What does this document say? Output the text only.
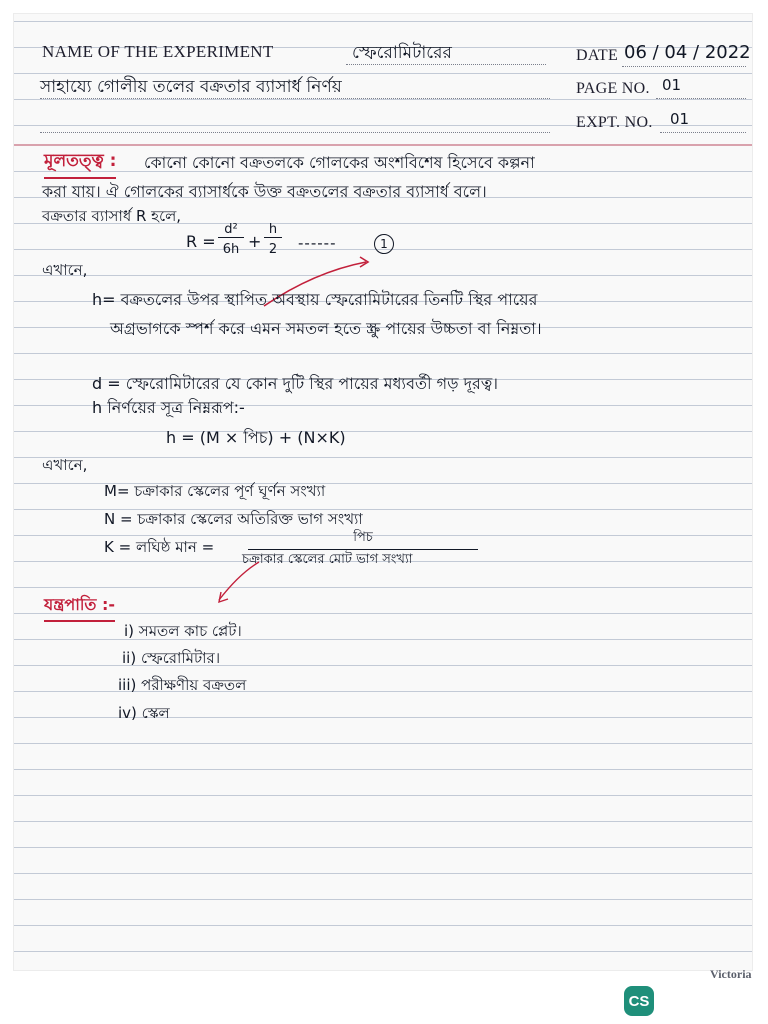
NAME OF THE EXPERIMENT	স্ফেরোমিটারের
সাহায্যে গোলীয় তলের বক্রতার ব্যাসার্ধ নির্ণয়
DATE 06 / 04 / 2022
PAGE NO. 01
EXPT. NO. 01
মূলতত্ত্ব : কোনো কোনো বক্রতলকে গোলকের অংশবিশেষ হিসেবে কল্পনা
করা যায়। ঐ গোলকের ব্যাসার্ধকে উক্ত বক্রতলের বক্রতার ব্যাসার্ধ বলে।
বক্রতার ব্যাসার্ধ R হলে,
R =
d²
6h +
h
2	------	1
এখানে,
h= বক্রতলের উপর স্থাপিত অবস্থায় স্ফেরোমিটারের তিনটি স্থির পায়ের
অগ্রভাগকে স্পর্শ করে এমন সমতল হতে স্ক্রু পায়ের উচ্চতা বা নিম্নতা।
d = স্ফেরোমিটারের যে কোন দুটি স্থির পায়ের মধ্যবর্তী গড় দূরত্ব।
h নির্ণয়ের সূত্র নিম্নরূপ:-
h = (M × পিচ) + (N×K)
এখানে,
M= চক্রাকার স্কেলের পূর্ণ ঘূর্ণন সংখ্যা
N = চক্রাকার স্কেলের অতিরিক্ত ভাগ সংখ্যা
K = লঘিষ্ঠ মান =
পিচ
চক্রাকার স্কেলের মোট ভাগ সংখ্যা
যন্ত্রপাতি :-
i) সমতল কাচ প্লেট।
ii) স্ফেরোমিটার।
iii) পরীক্ষণীয় বক্রতল
iv) স্কেল
Victoria
CS
